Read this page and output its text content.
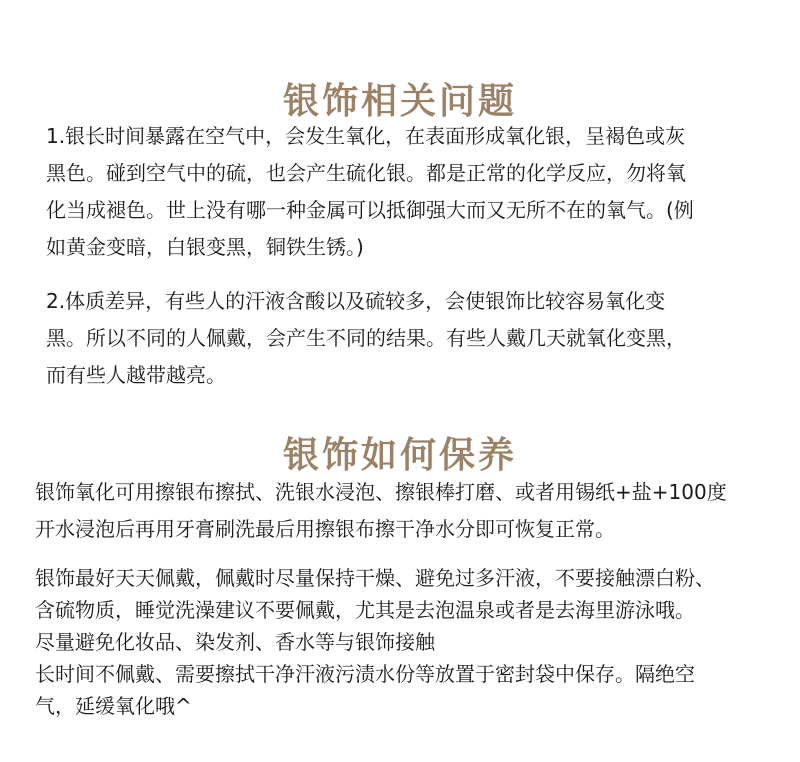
银饰相关问题

1.银长时间暴露在空气中，会发生氧化，在表面形成氧化银，呈褐色或灰
黑色。碰到空气中的硫，也会产生硫化银。都是正常的化学反应，勿将氧
化当成褪色。世上没有哪一种金属可以抵御强大而又无所不在的氧气。(例
如黄金变暗，白银变黑，铜铁生锈。)

2.体质差异，有些人的汗液含酸以及硫较多，会使银饰比较容易氧化变
黑。所以不同的人佩戴，会产生不同的结果。有些人戴几天就氧化变黑，
而有些人越带越亮。

银饰如何保养

银饰氧化可用擦银布擦拭、洗银水浸泡、擦银棒打磨、或者用锡纸+盐+100度
开水浸泡后再用牙膏刷洗最后用擦银布擦干净水分即可恢复正常。

银饰最好天天佩戴，佩戴时尽量保持干燥、避免过多汗液，不要接触漂白粉、
含硫物质，睡觉洗澡建议不要佩戴，尤其是去泡温泉或者是去海里游泳哦。
尽量避免化妆品、染发剂、香水等与银饰接触
长时间不佩戴、需要擦拭干净汗液污渍水份等放置于密封袋中保存。隔绝空
气，延缓氧化哦^
